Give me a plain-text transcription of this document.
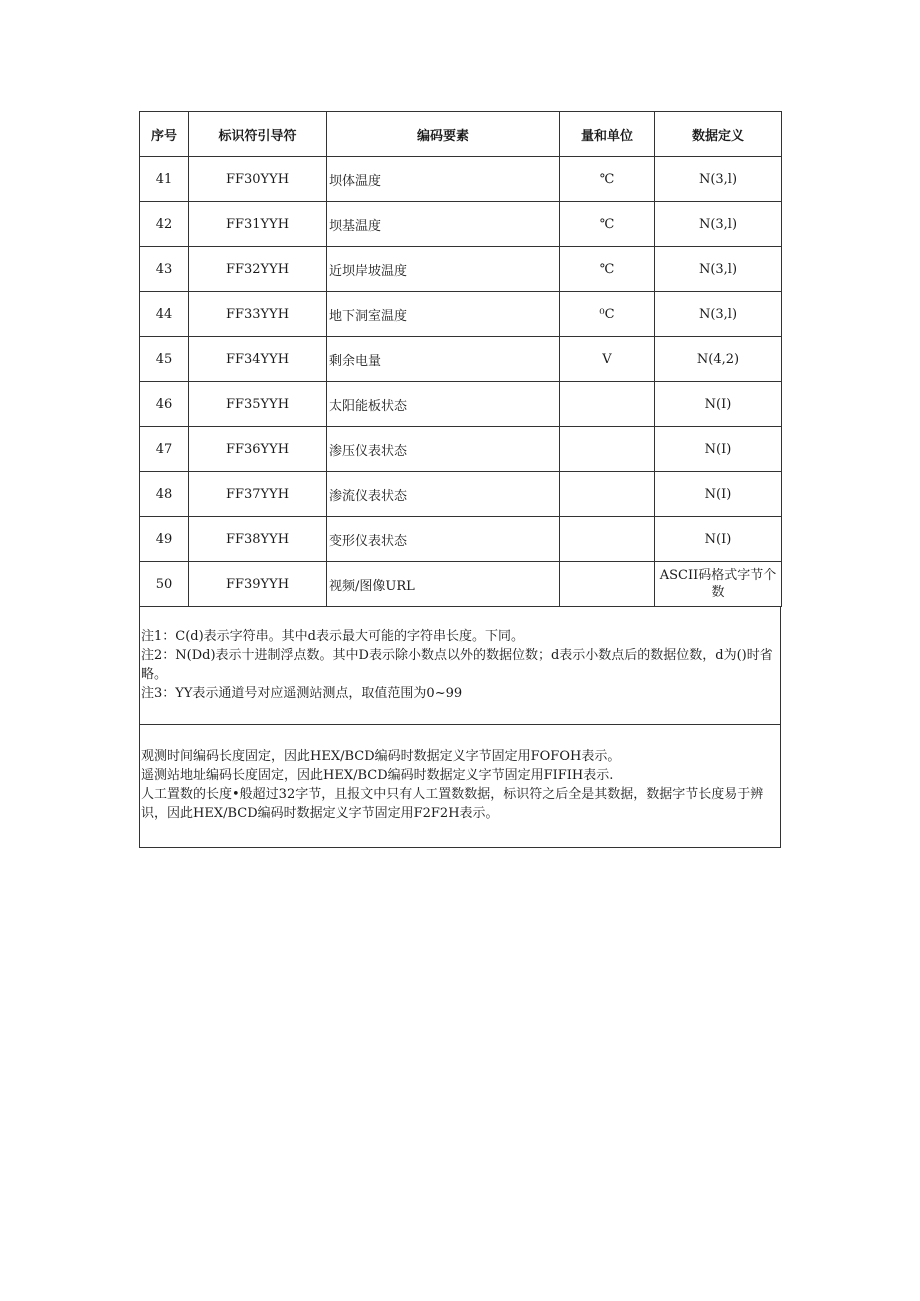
序号	标识符引导符	编码要素	量和单位	数据定义
41	FF30YYH	坝体温度	℃	N(3,l)
42	FF31YYH	坝基温度	℃	N(3,l)
43	FF32YYH	近坝岸坡温度	℃	N(3,l)
44	FF33YYH	地下洞室温度	⁰C	N(3,l)
45	FF34YYH	剩余电量	V	N(4,2)
46	FF35YYH	太阳能板状态		N(I)
47	FF36YYH	渗压仪表状态		N(I)
48	FF37YYH	渗流仪表状态		N(I)
49	FF38YYH	变形仪表状态		N(I)
50	FF39YYH	视频/图像URL		ASCII码格式字节个数

注1：C(d)表示字符串。其中d表示最大可能的字符串长度。下同。

注2：N(Dd)表示十进制浮点数。其中D表示除小数点以外的数据位数；d表示小数点后的数据位数，d为()时省略。

注3：YY表示通道号对应遥测站测点，取值范围为0~99

观测时间编码长度固定，因此HEX/BCD编码时数据定义字节固定用FOFOH表示。

遥测站地址编码长度固定，因此HEX/BCD编码时数据定义字节固定用FIFIH表示.

人工置数的长度•般超过32字节，且报文中只有人工置数数据，标识符之后全是其数据，数据字节长度易于辨识，因此HEX/BCD编码时数据定义字节固定用F2F2H表示。
